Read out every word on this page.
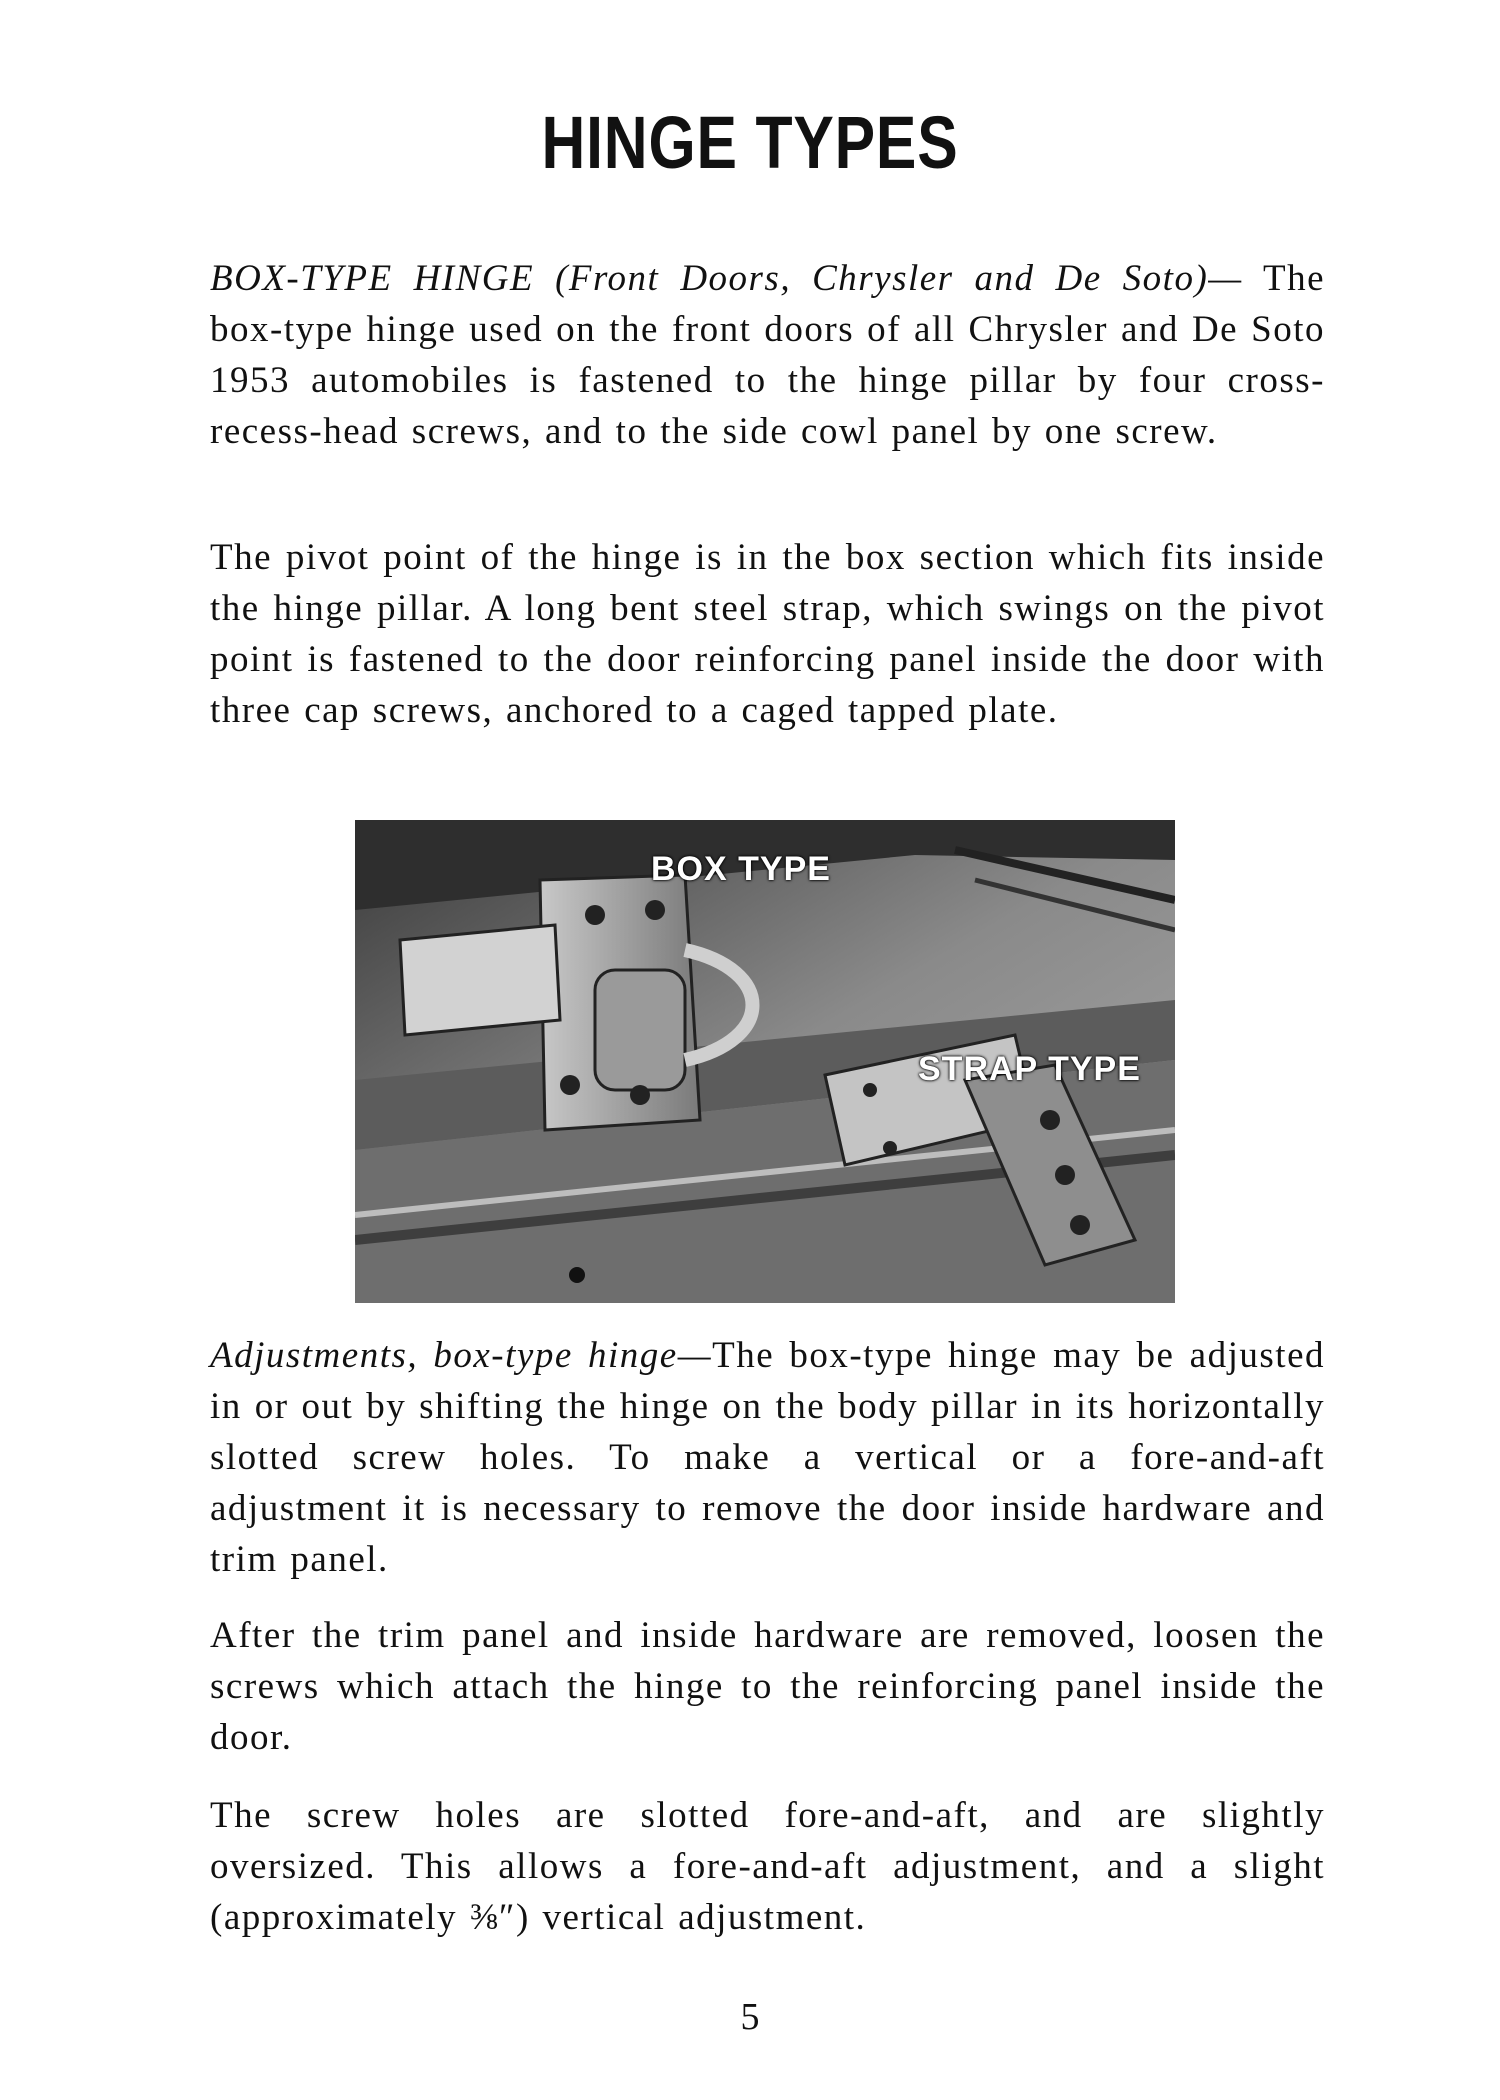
HINGE TYPES

BOX-TYPE HINGE (Front Doors, Chrysler and De Soto)— The box-type hinge used on the front doors of all Chrysler and De Soto 1953 automobiles is fastened to the hinge pillar by four cross-recess-head screws, and to the side cowl panel by one screw.

The pivot point of the hinge is in the box section which fits inside the hinge pillar. A long bent steel strap, which swings on the pivot point is fastened to the door reinforcing panel inside the door with three cap screws, anchored to a caged tapped plate.

BOX TYPE
STRAP TYPE

Adjustments, box-type hinge—The box-type hinge may be adjusted in or out by shifting the hinge on the body pillar in its horizontally slotted screw holes. To make a vertical or a fore-and-aft adjustment it is necessary to remove the door inside hardware and trim panel.

After the trim panel and inside hardware are removed, loosen the screws which attach the hinge to the reinforcing panel inside the door.

The screw holes are slotted fore-and-aft, and are slightly oversized. This allows a fore-and-aft adjustment, and a slight (approximately ⅜″) vertical adjustment.

5
